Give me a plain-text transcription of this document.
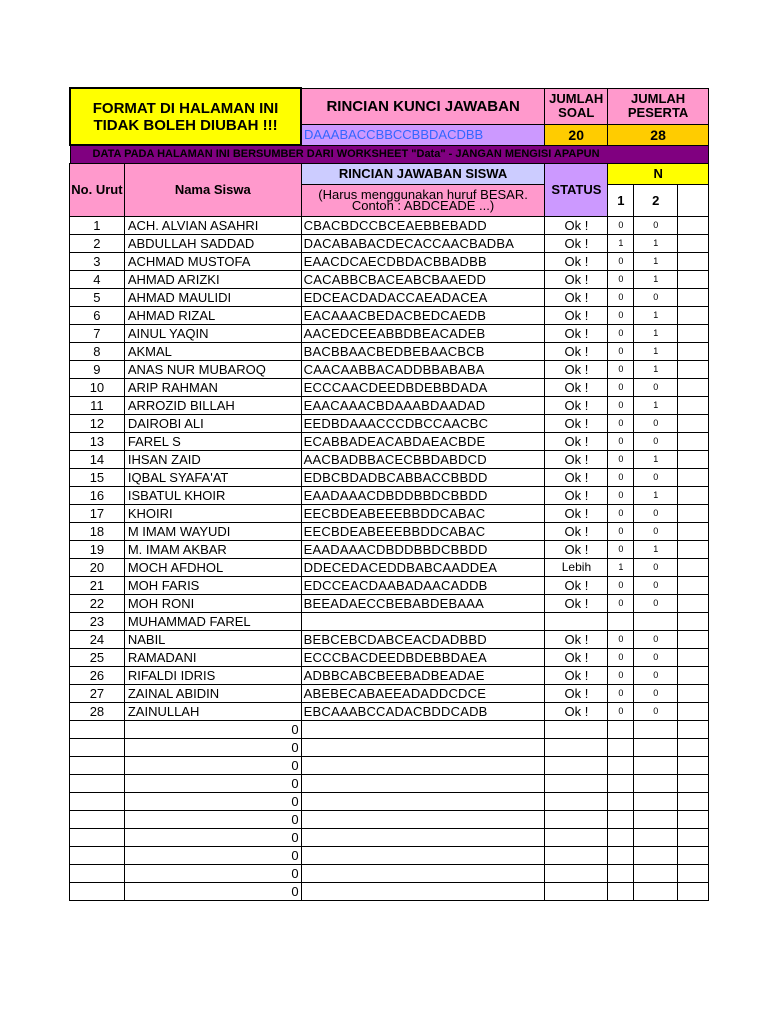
FORMAT DI HALAMAN INI TIDAK BOLEH DIUBAH !!!	RINCIAN KUNCI JAWABAN	JUMLAH SOAL	JUMLAH PESERTA
	DAAABACCBBCCBBDACDBB	20	28
DATA PADA HALAMAN INI BERSUMBER DARI WORKSHEET "Data" - JANGAN MENGISI APAPUN			
No. Urut	Nama Siswa	RINCIAN JAWABAN SISWA	STATUS	N		
		(Harus menggunakan huruf BESAR. Contoh : ABDCEADE ...)		1	2	
1	ACH. ALVIAN ASAHRI	CBACBDCCBCEAEBBEBADD	Ok !	0	0	
2	ABDULLAH SADDAD	DACABABACDECACCAACBADBA	Ok !	1	1	
3	ACHMAD MUSTOFA	EAACDCAECDBDACBBADBB	Ok !	0	1	
4	AHMAD ARIZKI	CACABBCBACEABCBAAEDD	Ok !	0	1	
5	AHMAD MAULIDI	EDCEACDADACCAEADACEA	Ok !	0	0	
6	AHMAD RIZAL	EACAAACBEDACBEDCAEDB	Ok !	0	1	
7	AINUL YAQIN	AACEDCEEABBDBEACADEB	Ok !	0	1	
8	AKMAL	BACBBAACBEDBEBAACBCB	Ok !	0	1	
9	ANAS NUR MUBAROQ	CAACAABBACADDBBABABA	Ok !	0	1	
10	ARIP RAHMAN	ECCCAACDEEDBDEBBDADA	Ok !	0	0	
11	ARROZID BILLAH	EAACAAACBDAAABDAADAD	Ok !	0	1	
12	DAIROBI ALI	EEDBDAAACCCDBCCAACBC	Ok !	0	0	
13	FAREL S	ECABBADEACABDAEACBDE	Ok !	0	0	
14	IHSAN ZAID	AACBADBBACECBBDABDCD	Ok !	0	1	
15	IQBAL SYAFA'AT	EDBCBDADBCABBACCBBDD	Ok !	0	0	
16	ISBATUL KHOIR	EAADAAACDBDDBBDCBBDD	Ok !	0	1	
17	KHOIRI	EECBDEABEEEBBDDCABAC	Ok !	0	0	
18	M IMAM WAYUDI	EECBDEABEEEBBDDCABAC	Ok !	0	0	
19	M. IMAM AKBAR	EAADAAACDBDDBBDCBBDD	Ok !	0	1	
20	MOCH AFDHOL	DDECEDACEDDBABCAADDEA	Lebih	1	0	
21	MOH FARIS	EDCCEACDAABADAACADDB	Ok !	0	0	
22	MOH RONI	BEEADAECCBEBABDEBAAA	Ok !	0	0	
23	MUHAMMAD FAREL					
24	NABIL	BEBCEBCDABCEACDADBBD	Ok !	0	0	
25	RAMADANI	ECCCBACDEEDBDEBBDAEA	Ok !	0	0	
26	RIFALDI IDRIS	ADBBCABCBEEBADBEADAE	Ok !	0	0	
27	ZAINAL ABIDIN	ABEBECABAEEADADDCDCE	Ok !	0	0	
28	ZAINULLAH	EBCAAABCCADACBDDCADB	Ok !	0	0	
	0					
	0					
	0					
	0					
	0					
	0					
	0					
	0					
	0					
	0					
